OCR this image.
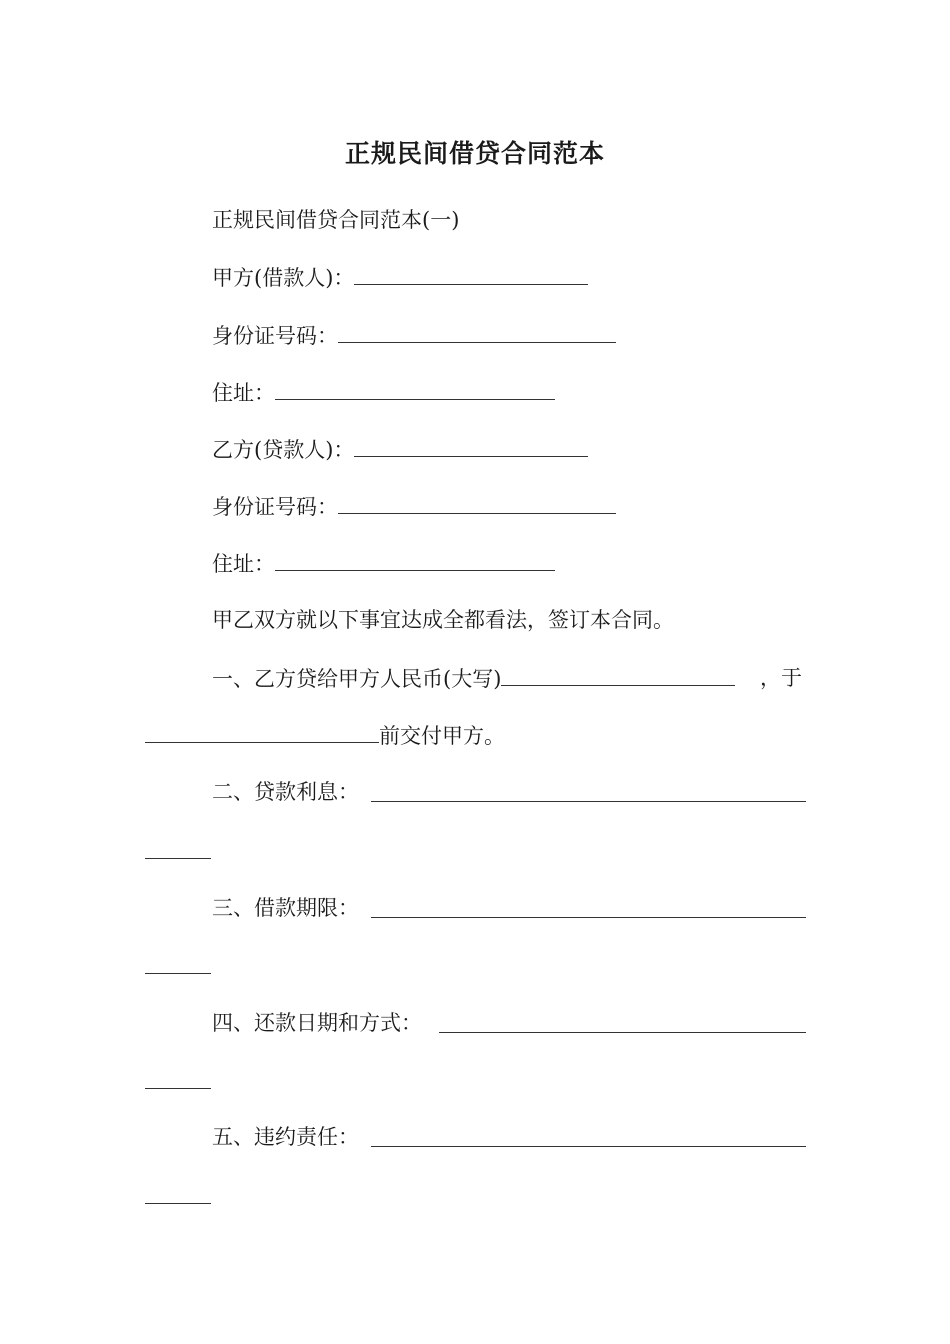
正规民间借贷合同范本
正规民间借贷合同范本(一)
甲方(借款人)：
身份证号码：
住址：
乙方(贷款人)：
身份证号码：
住址：
甲乙双方就以下事宜达成全都看法，签订本合同。
一、乙方贷给甲方人民币(大写)	，于
前交付甲方。
二、贷款利息：
三、借款期限：
四、还款日期和方式：
五、违约责任：
